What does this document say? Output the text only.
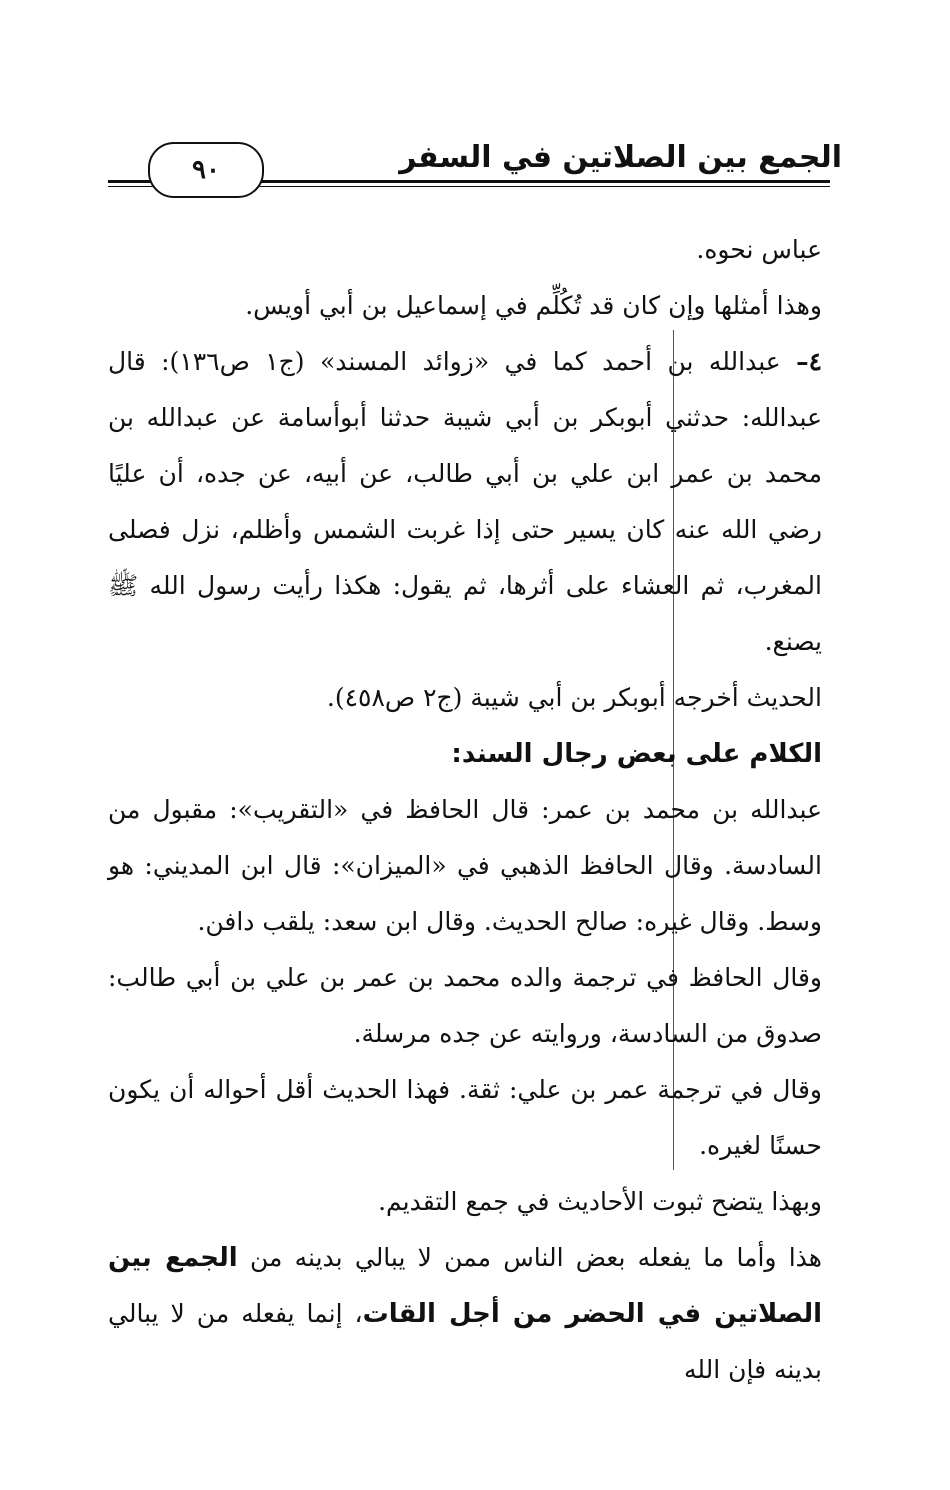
الجمع بين الصلاتين في السفر
٩٠

عباس نحوه.

وهذا أمثلها وإن كان قد تُكُلِّم في إسماعيل بن أبي أويس.

٤– عبدالله بن أحمد كما في «زوائد المسند» (ج١ ص١٣٦): قال عبدالله: حدثني أبوبكر بن أبي شيبة حدثنا أبوأسامة عن عبدالله بن محمد بن عمر ابن علي بن أبي طالب، عن أبيه، عن جده، أن عليًا رضي الله عنه كان يسير حتى إذا غربت الشمس وأظلم، نزل فصلى المغرب، ثم العشاء على أثرها، ثم يقول: هكذا رأيت رسول الله ﷺ يصنع.

الحديث أخرجه أبوبكر بن أبي شيبة (ج٢ ص٤٥٨).

الكلام على بعض رجال السند:

عبدالله بن محمد بن عمر: قال الحافظ في «التقريب»: مقبول من السادسة. وقال الحافظ الذهبي في «الميزان»: قال ابن المديني: هو وسط. وقال غيره: صالح الحديث. وقال ابن سعد: يلقب دافن.

وقال الحافظ في ترجمة والده محمد بن عمر بن علي بن أبي طالب: صدوق من السادسة، وروايته عن جده مرسلة.

وقال في ترجمة عمر بن علي: ثقة. فهذا الحديث أقل أحواله أن يكون حسنًا لغيره.

وبهذا يتضح ثبوت الأحاديث في جمع التقديم.

هذا وأما ما يفعله بعض الناس ممن لا يبالي بدينه من الجمع بين الصلاتين في الحضر من أجل القات، إنما يفعله من لا يبالي بدينه فإن الله
